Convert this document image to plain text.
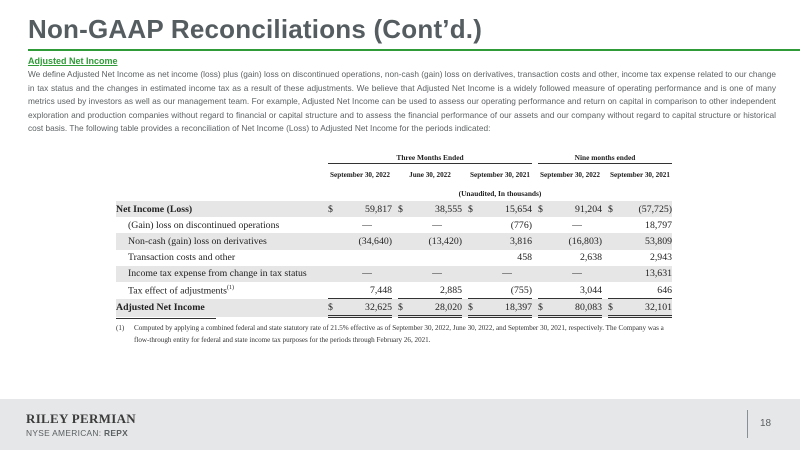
Non-GAAP Reconciliations (Cont’d.)
Adjusted Net Income
We define Adjusted Net Income as net income (loss) plus (gain) loss on discontinued operations, non-cash (gain) loss on derivatives, transaction costs and other, income tax expense related to our change in tax status and the changes in estimated income tax as a result of these adjustments. We believe that Adjusted Net Income is a widely followed measure of operating performance and is one of many metrics used by investors as well as our management team. For example, Adjusted Net Income can be used to assess our operating performance and return on capital in comparison to other independent exploration and production companies without regard to financial or capital structure and to assess the financial performance of our assets and our company without regard to capital structure or historical cost basis. The following table provides a reconciliation of Net Income (Loss) to Adjusted Net Income for the periods indicated:
	Three Months Ended									Nine months ended				
	September 30, 2022			June 30, 2022			September 30, 2021			September 30, 2022			September 30, 2021	
	(Unaudited, In thousands)													
Net Income (Loss)	$	59,817		$	38,555		$	15,654		$	91,204		$	(57,725)
(Gain) loss on discontinued operations		—			—			(776)			—			18,797
Non-cash (gain) loss on derivatives		(34,640)			(13,420)			3,816			(16,803)			53,809
Transaction costs and other								458			2,638			2,943
Income tax expense from change in tax status		—			—			—			—			13,631
Tax effect of adjustments$^{(1)}$		7,448			2,885			(755)			3,044			646
Adjusted Net Income	$	32,625		$	28,020		$	18,397		$	80,083		$	32,101
(1) Computed by applying a combined federal and state statutory rate of 21.5% effective as of September 30, 2022, June 30, 2022, and September 30, 2021, respectively. The Company was a flow-through entity for federal and state income tax purposes for the periods through February 26, 2021.
RILEY PERMIAN
NYSE AMERICAN: REPX
18
